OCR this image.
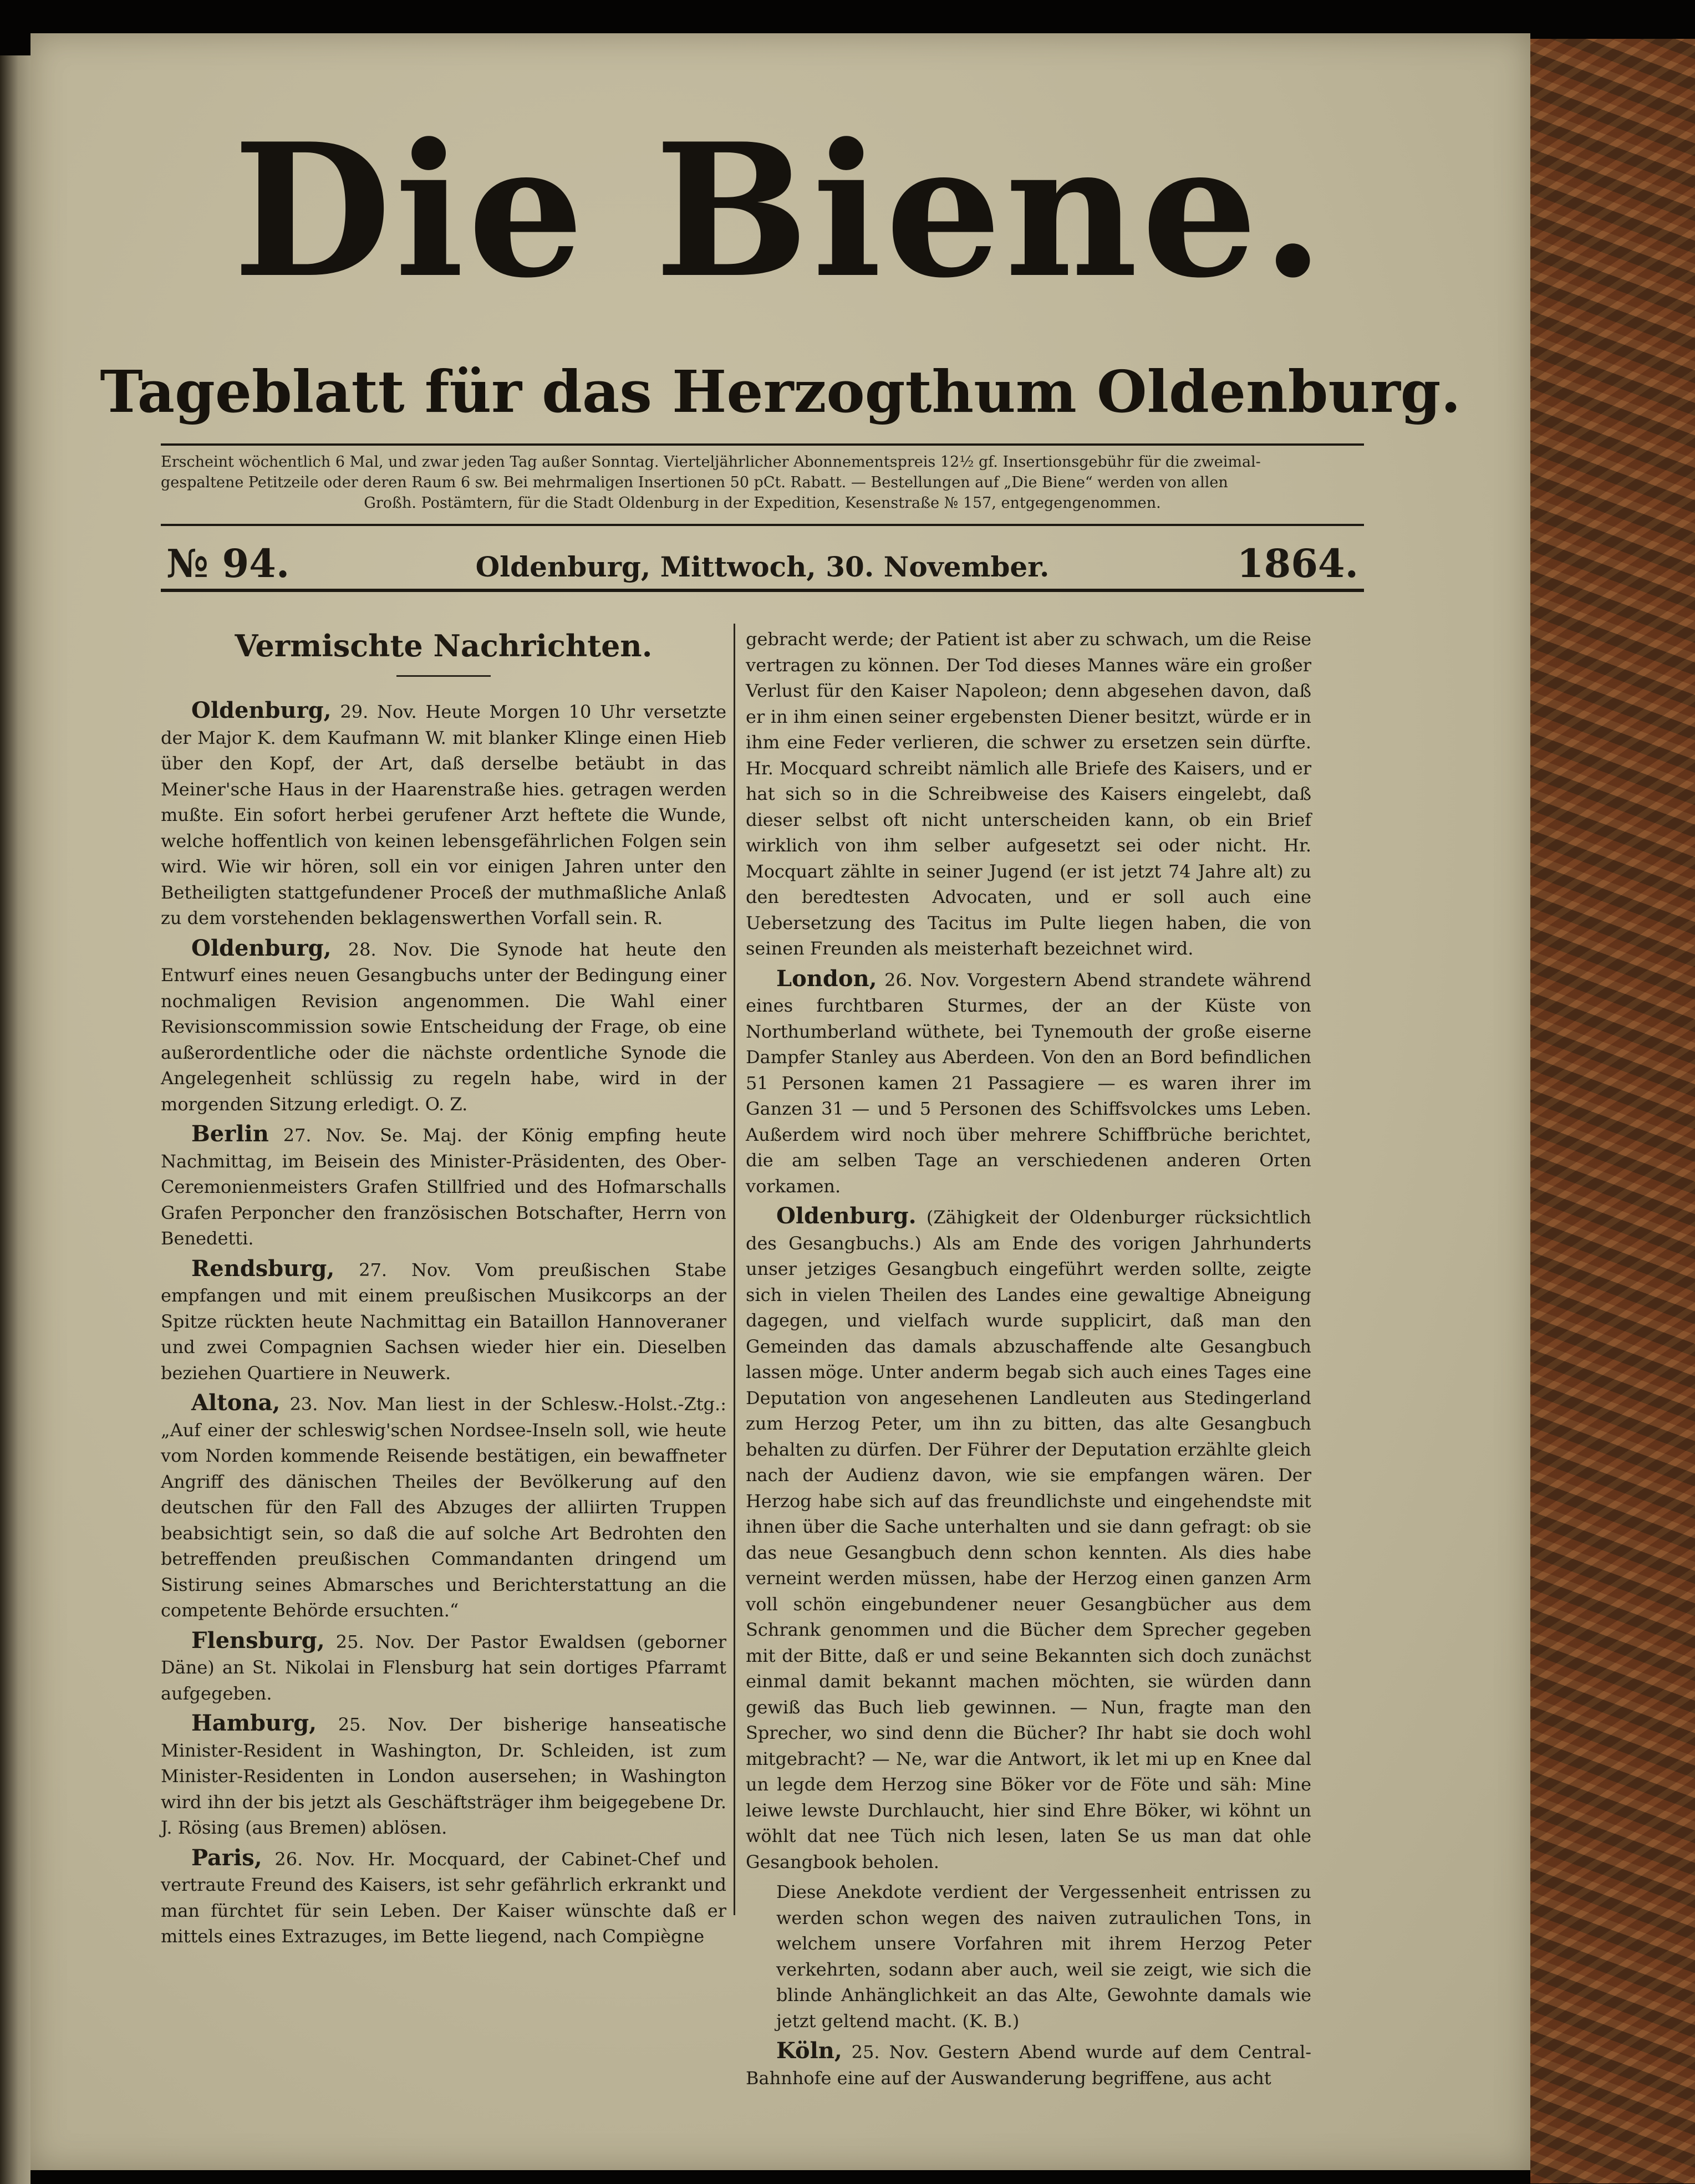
Die Biene.
Tageblatt für das Herzogthum Oldenburg.
Erscheint wöchentlich 6 Mal, und zwar jeden Tag außer Sonntag. Vierteljährlicher Abonnementspreis 12½ gf. Insertionsgebühr für die zweimal-
gespaltene Petitzeile oder deren Raum 6 sw. Bei mehrmaligen Insertionen 50 pCt. Rabatt. — Bestellungen auf „Die Biene“ werden von allen
Großh. Postämtern, für die Stadt Oldenburg in der Expedition, Kesenstraße № 157, entgegengenommen.
№ 94.	Oldenburg, Mittwoch, 30. November.	1864.
Vermischte Nachrichten.

Oldenburg, 29. Nov. Heute Morgen 10 Uhr versetzte der Major K. dem Kaufmann W. mit blanker Klinge einen Hieb über den Kopf, der Art, daß derselbe betäubt in das Meiner'sche Haus in der Haarenstraße hies. getragen werden mußte. Ein sofort herbei gerufener Arzt heftete die Wunde, welche hoffentlich von keinen lebensgefährlichen Folgen sein wird. Wie wir hören, soll ein vor einigen Jahren unter den Betheiligten stattgefundener Proceß der muthmaßliche Anlaß zu dem vorstehenden beklagenswerthen Vorfall sein. R.

Oldenburg, 28. Nov. Die Synode hat heute den Entwurf eines neuen Gesangbuchs unter der Bedingung einer nochmaligen Revision angenommen. Die Wahl einer Revisionscommission sowie Entscheidung der Frage, ob eine außerordentliche oder die nächste ordentliche Synode die Angelegenheit schlüssig zu regeln habe, wird in der morgenden Sitzung erledigt. O. Z.

Berlin 27. Nov. Se. Maj. der König empfing heute Nachmittag, im Beisein des Minister-Präsidenten, des Ober-Ceremonienmeisters Grafen Stillfried und des Hofmarschalls Grafen Perponcher den französischen Botschafter, Herrn von Benedetti.

Rendsburg, 27. Nov. Vom preußischen Stabe empfangen und mit einem preußischen Musikcorps an der Spitze rückten heute Nachmittag ein Bataillon Hannoveraner und zwei Compagnien Sachsen wieder hier ein. Dieselben beziehen Quartiere in Neuwerk.

Altona, 23. Nov. Man liest in der Schlesw.-Holst.-Ztg.: „Auf einer der schleswig'schen Nordsee-Inseln soll, wie heute vom Norden kommende Reisende bestätigen, ein bewaffneter Angriff des dänischen Theiles der Bevölkerung auf den deutschen für den Fall des Abzuges der alliirten Truppen beabsichtigt sein, so daß die auf solche Art Bedrohten den betreffenden preußischen Commandanten dringend um Sistirung seines Abmarsches und Berichterstattung an die competente Behörde ersuchten.“

Flensburg, 25. Nov. Der Pastor Ewaldsen (geborner Däne) an St. Nikolai in Flensburg hat sein dortiges Pfarramt aufgegeben.

Hamburg, 25. Nov. Der bisherige hanseatische Minister-Resident in Washington, Dr. Schleiden, ist zum Minister-Residenten in London ausersehen; in Washington wird ihn der bis jetzt als Geschäftsträger ihm beigegebene Dr. J. Rösing (aus Bremen) ablösen.

Paris, 26. Nov. Hr. Mocquard, der Cabinet-Chef und vertraute Freund des Kaisers, ist sehr gefährlich erkrankt und man fürchtet für sein Leben. Der Kaiser wünschte daß er mittels eines Extrazuges, im Bette liegend, nach Compiègne

gebracht werde; der Patient ist aber zu schwach, um die Reise vertragen zu können. Der Tod dieses Mannes wäre ein großer Verlust für den Kaiser Napoleon; denn abgesehen davon, daß er in ihm einen seiner ergebensten Diener besitzt, würde er in ihm eine Feder verlieren, die schwer zu ersetzen sein dürfte. Hr. Mocquard schreibt nämlich alle Briefe des Kaisers, und er hat sich so in die Schreibweise des Kaisers eingelebt, daß dieser selbst oft nicht unterscheiden kann, ob ein Brief wirklich von ihm selber aufgesetzt sei oder nicht. Hr. Mocquart zählte in seiner Jugend (er ist jetzt 74 Jahre alt) zu den beredtesten Advocaten, und er soll auch eine Uebersetzung des Tacitus im Pulte liegen haben, die von seinen Freunden als meisterhaft bezeichnet wird.

London, 26. Nov. Vorgestern Abend strandete während eines furchtbaren Sturmes, der an der Küste von Northumberland wüthete, bei Tynemouth der große eiserne Dampfer Stanley aus Aberdeen. Von den an Bord befindlichen 51 Personen kamen 21 Passagiere — es waren ihrer im Ganzen 31 — und 5 Personen des Schiffsvolckes ums Leben. Außerdem wird noch über mehrere Schiffbrüche berichtet, die am selben Tage an verschiedenen anderen Orten vorkamen.

Oldenburg. (Zähigkeit der Oldenburger rücksichtlich des Gesangbuchs.) Als am Ende des vorigen Jahrhunderts unser jetziges Gesangbuch eingeführt werden sollte, zeigte sich in vielen Theilen des Landes eine gewaltige Abneigung dagegen, und vielfach wurde supplicirt, daß man den Gemeinden das damals abzuschaffende alte Gesangbuch lassen möge. Unter anderm begab sich auch eines Tages eine Deputation von angesehenen Landleuten aus Stedingerland zum Herzog Peter, um ihn zu bitten, das alte Gesangbuch behalten zu dürfen. Der Führer der Deputation erzählte gleich nach der Audienz davon, wie sie empfangen wären. Der Herzog habe sich auf das freundlichste und eingehendste mit ihnen über die Sache unterhalten und sie dann gefragt: ob sie das neue Gesangbuch denn schon kennten. Als dies habe verneint werden müssen, habe der Herzog einen ganzen Arm voll schön eingebundener neuer Gesangbücher aus dem Schrank genommen und die Bücher dem Sprecher gegeben mit der Bitte, daß er und seine Bekannten sich doch zunächst einmal damit bekannt machen möchten, sie würden dann gewiß das Buch lieb gewinnen. — Nun, fragte man den Sprecher, wo sind denn die Bücher? Ihr habt sie doch wohl mitgebracht? — Ne, war die Antwort, ik let mi up en Knee dal un legde dem Herzog sine Böker vor de Föte und säh: Mine leiwe lewste Durchlaucht, hier sind Ehre Böker, wi köhnt un wöhlt dat nee Tüch nich lesen, laten Se us man dat ohle Gesangbook beholen.

Diese Anekdote verdient der Vergessenheit entrissen zu werden schon wegen des naiven zutraulichen Tons, in welchem unsere Vorfahren mit ihrem Herzog Peter verkehrten, sodann aber auch, weil sie zeigt, wie sich die blinde Anhänglichkeit an das Alte, Gewohnte damals wie jetzt geltend macht. (K. B.)

Köln, 25. Nov. Gestern Abend wurde auf dem Central-Bahnhofe eine auf der Auswanderung begriffene, aus acht
